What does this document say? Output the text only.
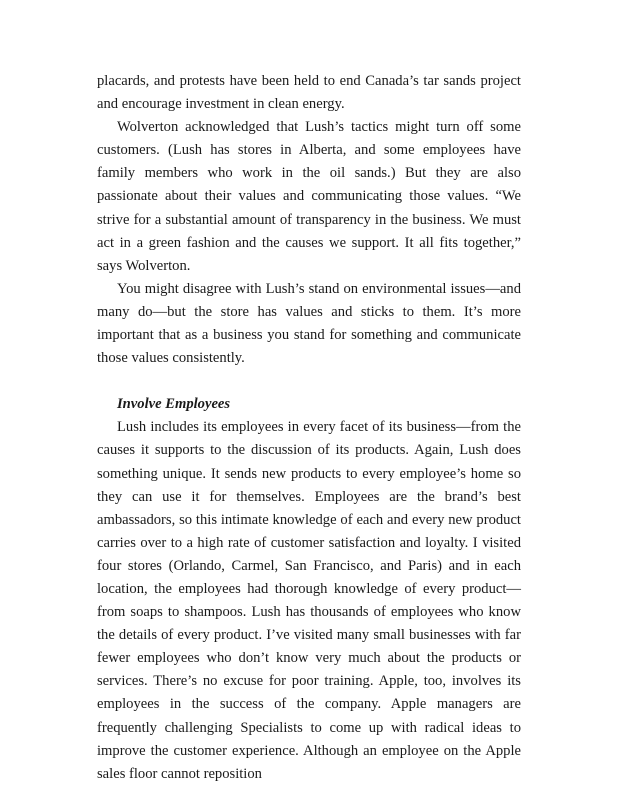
placards, and protests have been held to end Canada’s tar sands project and encourage investment in clean energy.

Wolverton acknowledged that Lush’s tactics might turn off some customers. (Lush has stores in Alberta, and some employees have family members who work in the oil sands.) But they are also passionate about their values and communicating those values. “We strive for a substantial amount of transparency in the business. We must act in a green fashion and the causes we support. It all fits together,” says Wolverton.

You might disagree with Lush’s stand on environmental issues—and many do—but the store has values and sticks to them. It’s more important that as a business you stand for something and communicate those values consistently.

Involve Employees

Lush includes its employees in every facet of its business—from the causes it supports to the discussion of its products. Again, Lush does something unique. It sends new products to every employee’s home so they can use it for themselves. Employees are the brand’s best ambassadors, so this intimate knowledge of each and every new product carries over to a high rate of customer satisfaction and loyalty. I visited four stores (Orlando, Carmel, San Francisco, and Paris) and in each location, the employees had thorough knowledge of every product—from soaps to shampoos. Lush has thousands of employees who know the details of every product. I’ve visited many small businesses with far fewer employees who don’t know very much about the products or services. There’s no excuse for poor training. Apple, too, involves its employees in the success of the company. Apple managers are frequently challenging Specialists to come up with radical ideas to improve the customer experience. Although an employee on the Apple sales floor cannot reposition
